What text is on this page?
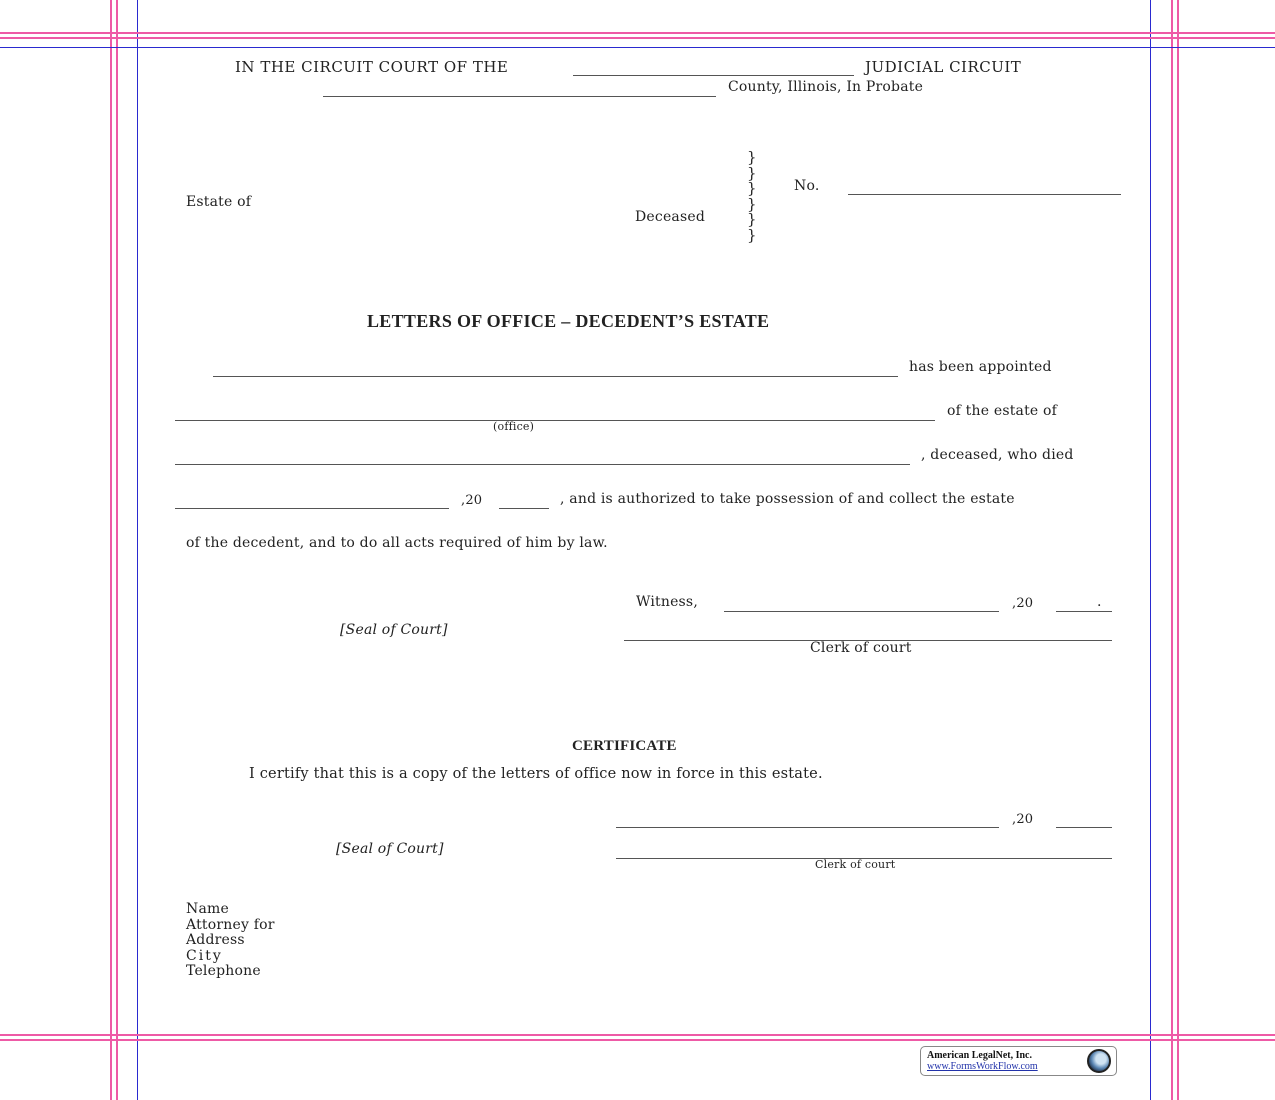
IN THE CIRCUIT COURT OF THE	JUDICIAL CIRCUIT
County, Illinois, In Probate
Estate of
Deceased
}
}
}
}
}
}
No.
LETTERS OF OFFICE – DECEDENT’S ESTATE
has been appointed
of the estate of
(office)
, deceased, who died
,20	, and is authorized to take possession of and collect the estate
of the decedent, and to do all acts required of him by law.
Witness,	,20	.
[Seal of Court]
Clerk of court
CERTIFICATE
I certify that this is a copy of the letters of office now in force in this estate.
,20
[Seal of Court]
Clerk of court
Name
Attorney for
Address
City
Telephone
American LegalNet, Inc.
www.FormsWorkFlow.com
